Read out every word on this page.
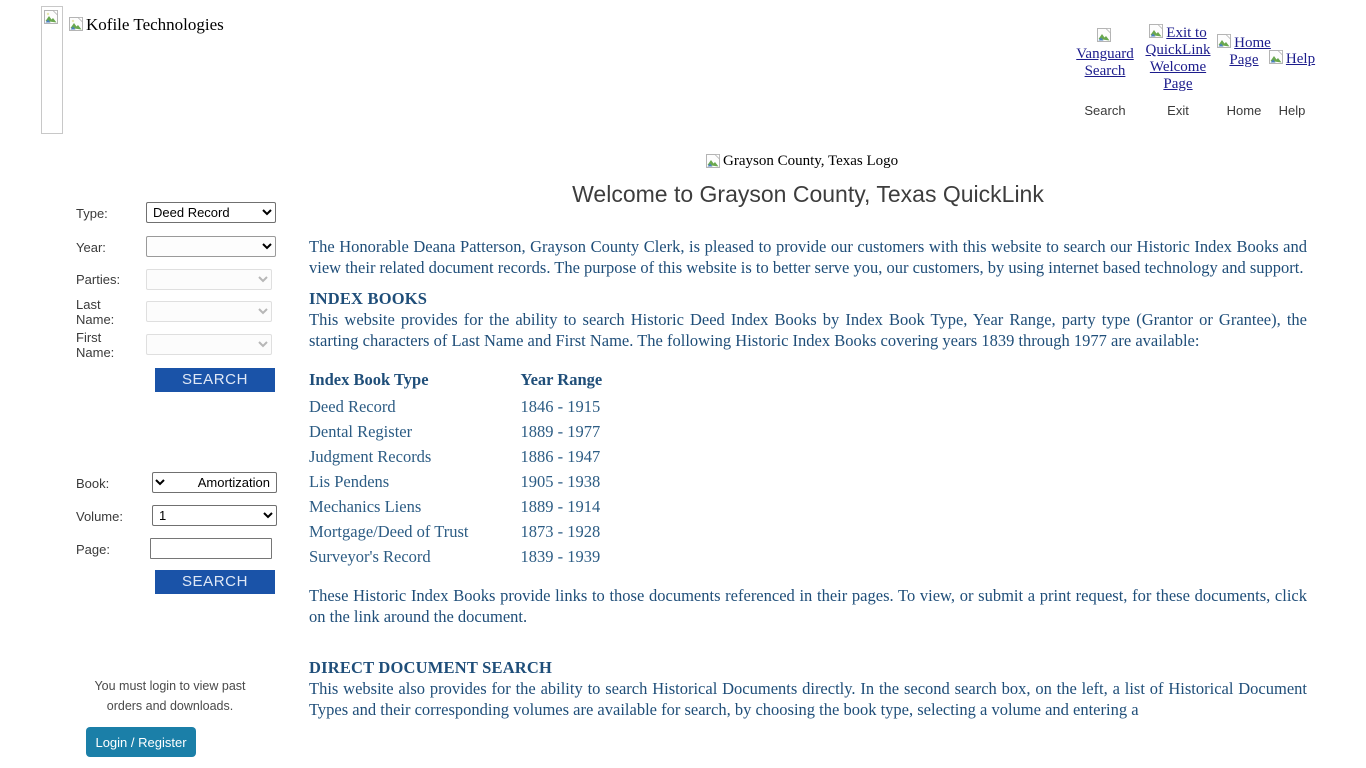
Kofile Technologies
Vanguard Search
Search
Exit to QuickLink Welcome Page
Exit
Home Page
Home
Help
Help
Grayson County, Texas Logo
Welcome to Grayson County, Texas QuickLink
Type:
Deed Record
Year:
Parties:
Last Name:
First Name:
SEARCH
Book:
Amortization
Volume:
1
Page:
SEARCH
You must login to view past orders and downloads.
Login / Register

The Honorable Deana Patterson, Grayson County Clerk, is pleased to provide our customers with this website to search our Historic Index Books and view their related document records. The purpose of this website is to better serve you, our customers, by using internet based technology and support.

INDEX BOOKS

This website provides for the ability to search Historic Deed Index Books by Index Book Type, Year Range, party type (Grantor or Grantee), the starting characters of Last Name and First Name. The following Historic Index Books covering years 1839 through 1977 are available:

Index Book Type	Year Range
Deed Record	1846 - 1915
Dental Register	1889 - 1977
Judgment Records	1886 - 1947
Lis Pendens	1905 - 1938
Mechanics Liens	1889 - 1914
Mortgage/Deed of Trust	1873 - 1928
Surveyor's Record	1839 - 1939

These Historic Index Books provide links to those documents referenced in their pages. To view, or submit a print request, for these documents, click on the link around the document.

DIRECT DOCUMENT SEARCH

This website also provides for the ability to search Historical Documents directly. In the second search box, on the left, a list of Historical Document Types and their corresponding volumes are available for search, by choosing the book type, selecting a volume and entering a
